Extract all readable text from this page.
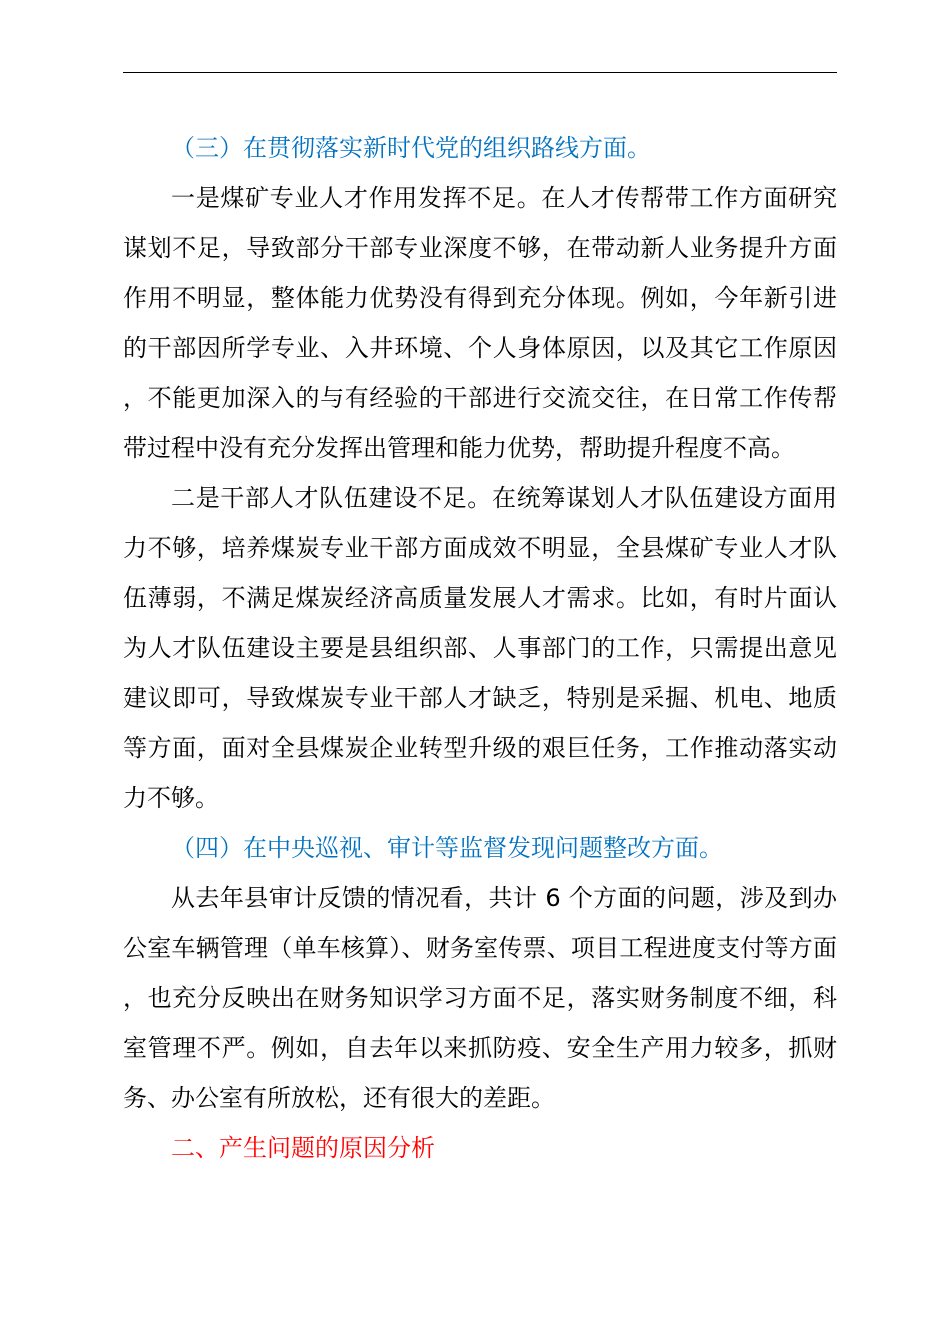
（三）在贯彻落实新时代党的组织路线方面。

一是煤矿专业人才作用发挥不足。在人才传帮带工作方面研究谋划不足，导致部分干部专业深度不够，在带动新人业务提升方面作用不明显，整体能力优势没有得到充分体现。例如，今年新引进的干部因所学专业、入井环境、个人身体原因，以及其它工作原因，不能更加深入的与有经验的干部进行交流交往，在日常工作传帮带过程中没有充分发挥出管理和能力优势，帮助提升程度不高。

二是干部人才队伍建设不足。在统筹谋划人才队伍建设方面用力不够，培养煤炭专业干部方面成效不明显，全县煤矿专业人才队伍薄弱，不满足煤炭经济高质量发展人才需求。比如，有时片面认为人才队伍建设主要是县组织部、人事部门的工作，只需提出意见建议即可，导致煤炭专业干部人才缺乏，特别是采掘、机电、地质等方面，面对全县煤炭企业转型升级的艰巨任务，工作推动落实动力不够。

（四）在中央巡视、审计等监督发现问题整改方面。

从去年县审计反馈的情况看，共计 6 个方面的问题，涉及到办公室车辆管理（单车核算）、财务室传票、项目工程进度支付等方面，也充分反映出在财务知识学习方面不足，落实财务制度不细，科室管理不严。例如，自去年以来抓防疫、安全生产用力较多，抓财务、办公室有所放松，还有很大的差距。

二、产生问题的原因分析
